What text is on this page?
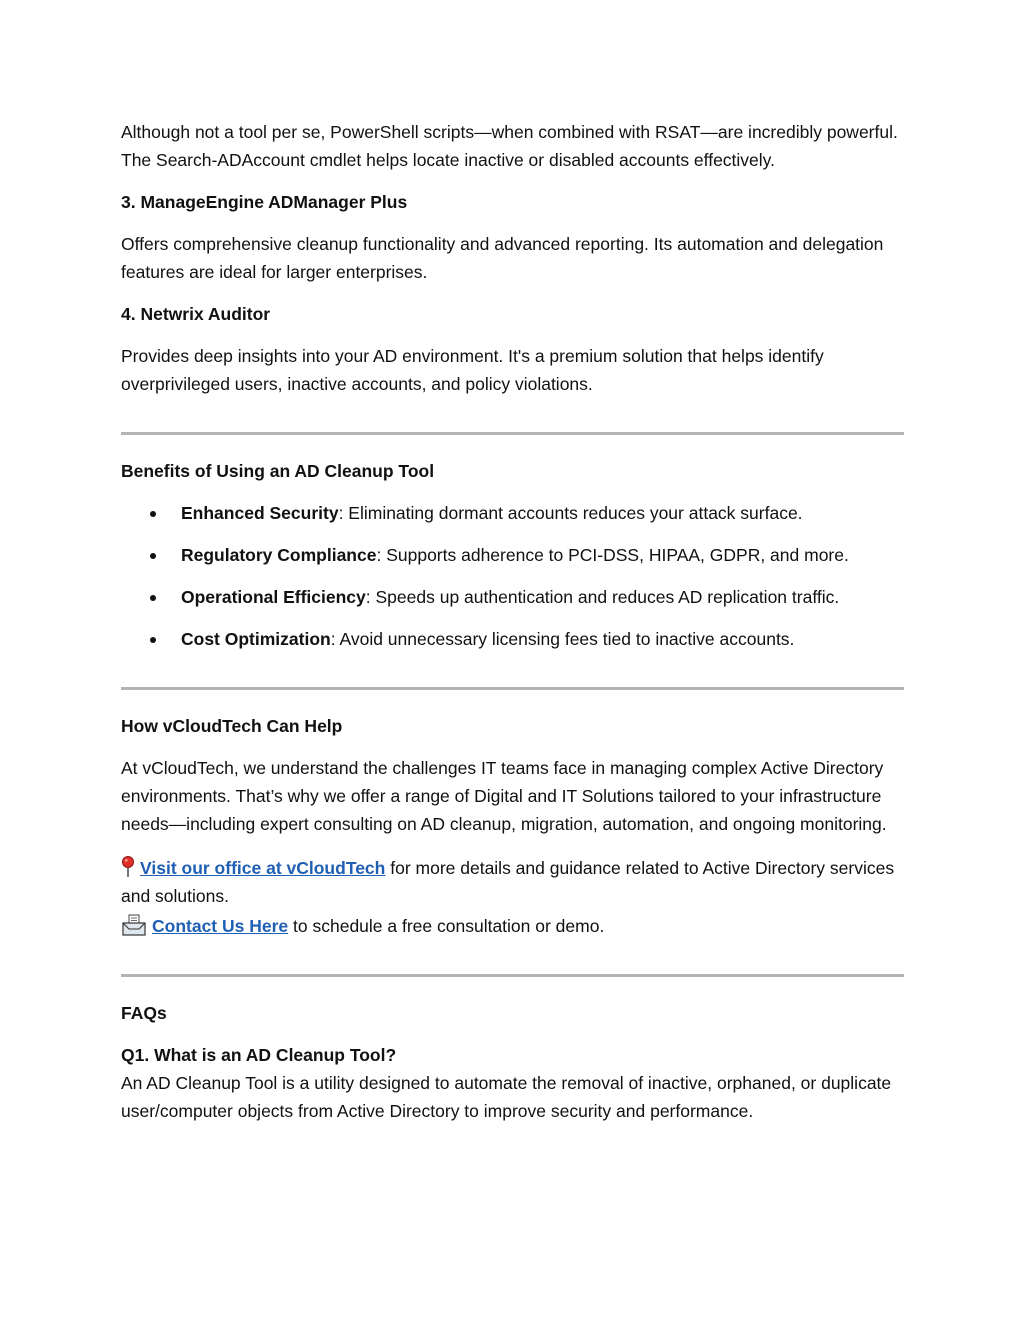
Although not a tool per se, PowerShell scripts—when combined with RSAT—are incredibly powerful. The Search-ADAccount cmdlet helps locate inactive or disabled accounts effectively.

3. ManageEngine ADManager Plus

Offers comprehensive cleanup functionality and advanced reporting. Its automation and delegation features are ideal for larger enterprises.

4. Netwrix Auditor

Provides deep insights into your AD environment. It's a premium solution that helps identify overprivileged users, inactive accounts, and policy violations.

Benefits of Using an AD Cleanup Tool

Enhanced Security: Eliminating dormant accounts reduces your attack surface.
Regulatory Compliance: Supports adherence to PCI-DSS, HIPAA, GDPR, and more.
Operational Efficiency: Speeds up authentication and reduces AD replication traffic.
Cost Optimization: Avoid unnecessary licensing fees tied to inactive accounts.

How vCloudTech Can Help

At vCloudTech, we understand the challenges IT teams face in managing complex Active Directory environments. That’s why we offer a range of Digital and IT Solutions tailored to your infrastructure needs—including expert consulting on AD cleanup, migration, automation, and ongoing monitoring.

Visit our office at vCloudTech for more details and guidance related to Active Directory services and solutions.

Contact Us Here to schedule a free consultation or demo.

FAQs

Q1. What is an AD Cleanup Tool?

An AD Cleanup Tool is a utility designed to automate the removal of inactive, orphaned, or duplicate user/computer objects from Active Directory to improve security and performance.
